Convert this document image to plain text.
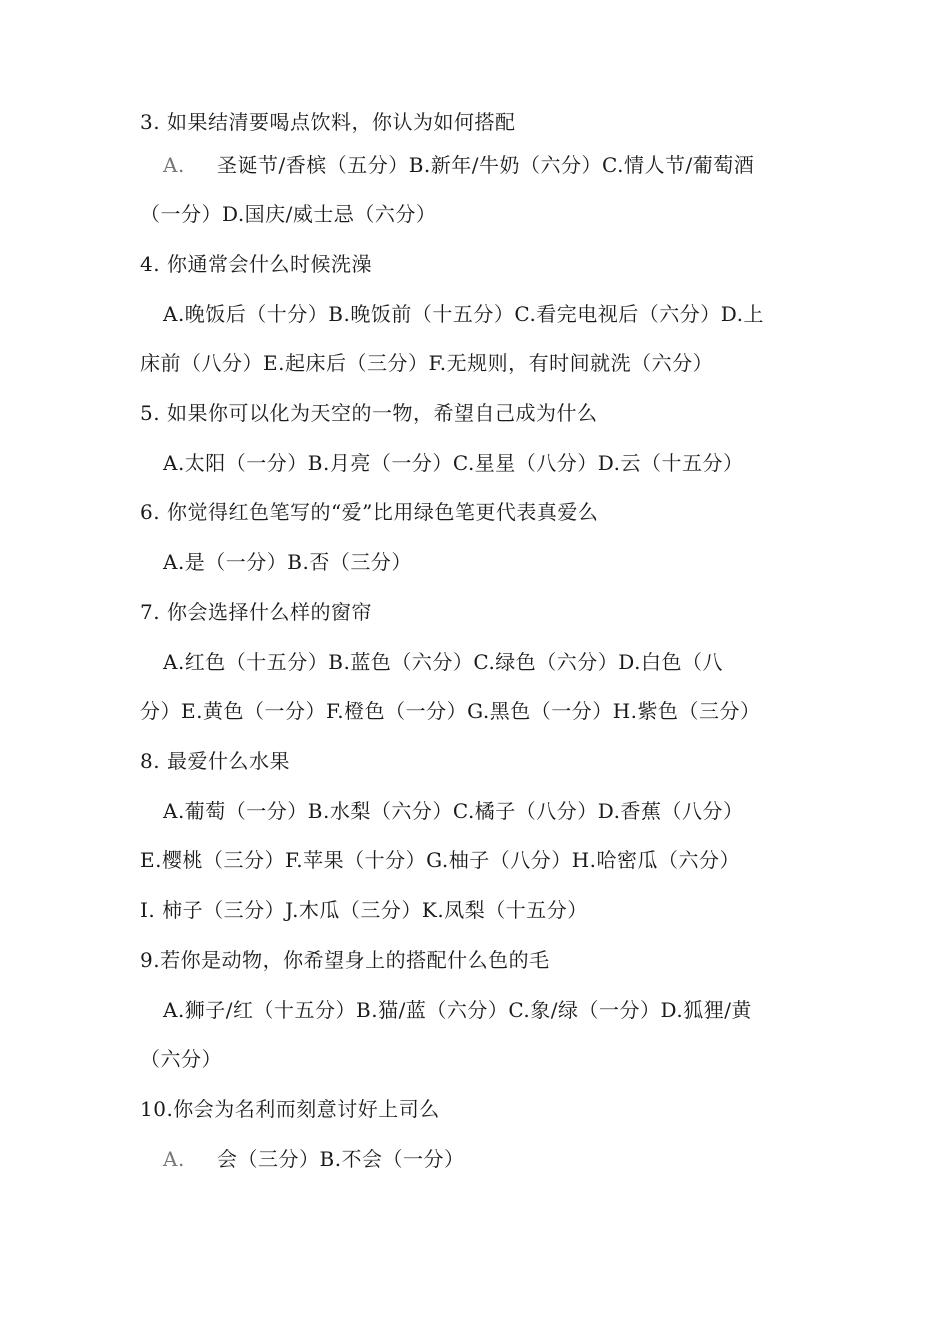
3. 如果结清要喝点饮料，你认为如何搭配
A. 圣诞节/香槟（五分）B.新年/牛奶（六分）C.情人节/葡萄酒
（一分）D.国庆/威士忌（六分）
4. 你通常会什么时候洗澡
A.晚饭后（十分）B.晚饭前（十五分）C.看完电视后（六分）D.上
床前（八分）E.起床后（三分）F.无规则，有时间就洗（六分）
5. 如果你可以化为天空的一物，希望自己成为什么
A.太阳（一分）B.月亮（一分）C.星星（八分）D.云（十五分）
6. 你觉得红色笔写的“爱”比用绿色笔更代表真爱么
A.是（一分）B.否（三分）
7. 你会选择什么样的窗帘
A.红色（十五分）B.蓝色（六分）C.绿色（六分）D.白色（八
分）E.黄色（一分）F.橙色（一分）G.黑色（一分）H.紫色（三分）
8. 最爱什么水果
A.葡萄（一分）B.水梨（六分）C.橘子（八分）D.香蕉（八分）
E.樱桃（三分）F.苹果（十分）G.柚子（八分）H.哈密瓜（六分）
I. 柿子（三分）J.木瓜（三分）K.凤梨（十五分）
9.若你是动物，你希望身上的搭配什么色的毛
A.狮子/红（十五分）B.猫/蓝（六分）C.象/绿（一分）D.狐狸/黄
（六分）
10.你会为名利而刻意讨好上司么
A. 会（三分）B.不会（一分）
